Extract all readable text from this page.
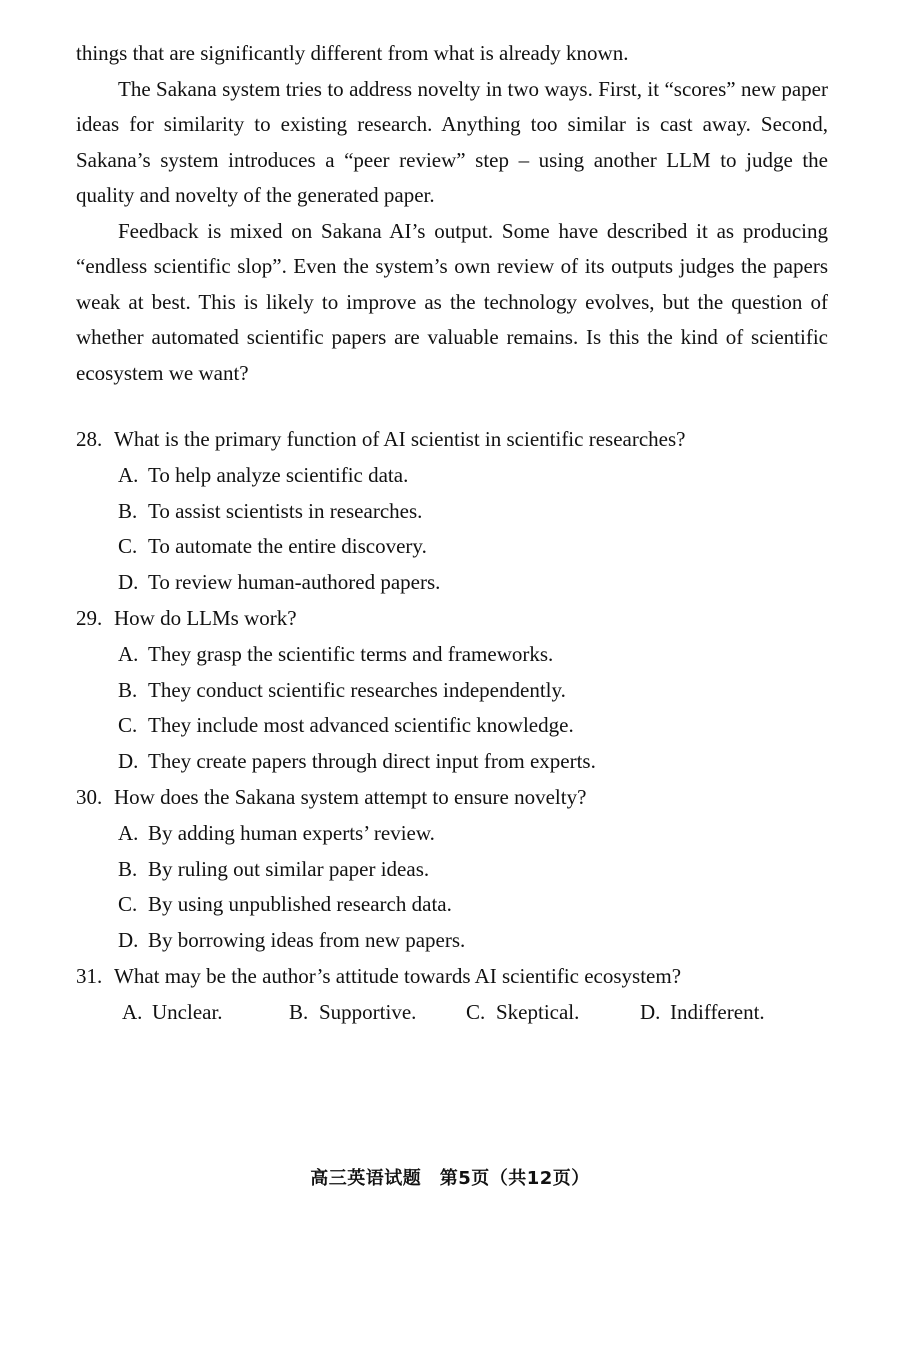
things that are significantly different from what is already known.

The Sakana system tries to address novelty in two ways. First, it “scores” new paper ideas for similarity to existing research. Anything too similar is cast away. Second, Sakana’s system introduces a “peer review” step – using another LLM to judge the quality and novelty of the generated paper.

Feedback is mixed on Sakana AI’s output. Some have described it as producing “endless scientific slop”. Even the system’s own review of its outputs judges the papers weak at best. This is likely to improve as the technology evolves, but the question of whether automated scientific papers are valuable remains. Is this the kind of scientific ecosystem we want?

28. What is the primary function of AI scientist in scientific researches?
A. To help analyze scientific data.
B. To assist scientists in researches.
C. To automate the entire discovery.
D. To review human-authored papers.
29. How do LLMs work?
A. They grasp the scientific terms and frameworks.
B. They conduct scientific researches independently.
C. They include most advanced scientific knowledge.
D. They create papers through direct input from experts.
30. How does the Sakana system attempt to ensure novelty?
A. By adding human experts’ review.
B. By ruling out similar paper ideas.
C. By using unpublished research data.
D. By borrowing ideas from new papers.
31. What may be the author’s attitude towards AI scientific ecosystem?
A. Unclear.	B. Supportive.	C. Skeptical.	D. Indifferent.
高三英语试题　第5页（共12页）
